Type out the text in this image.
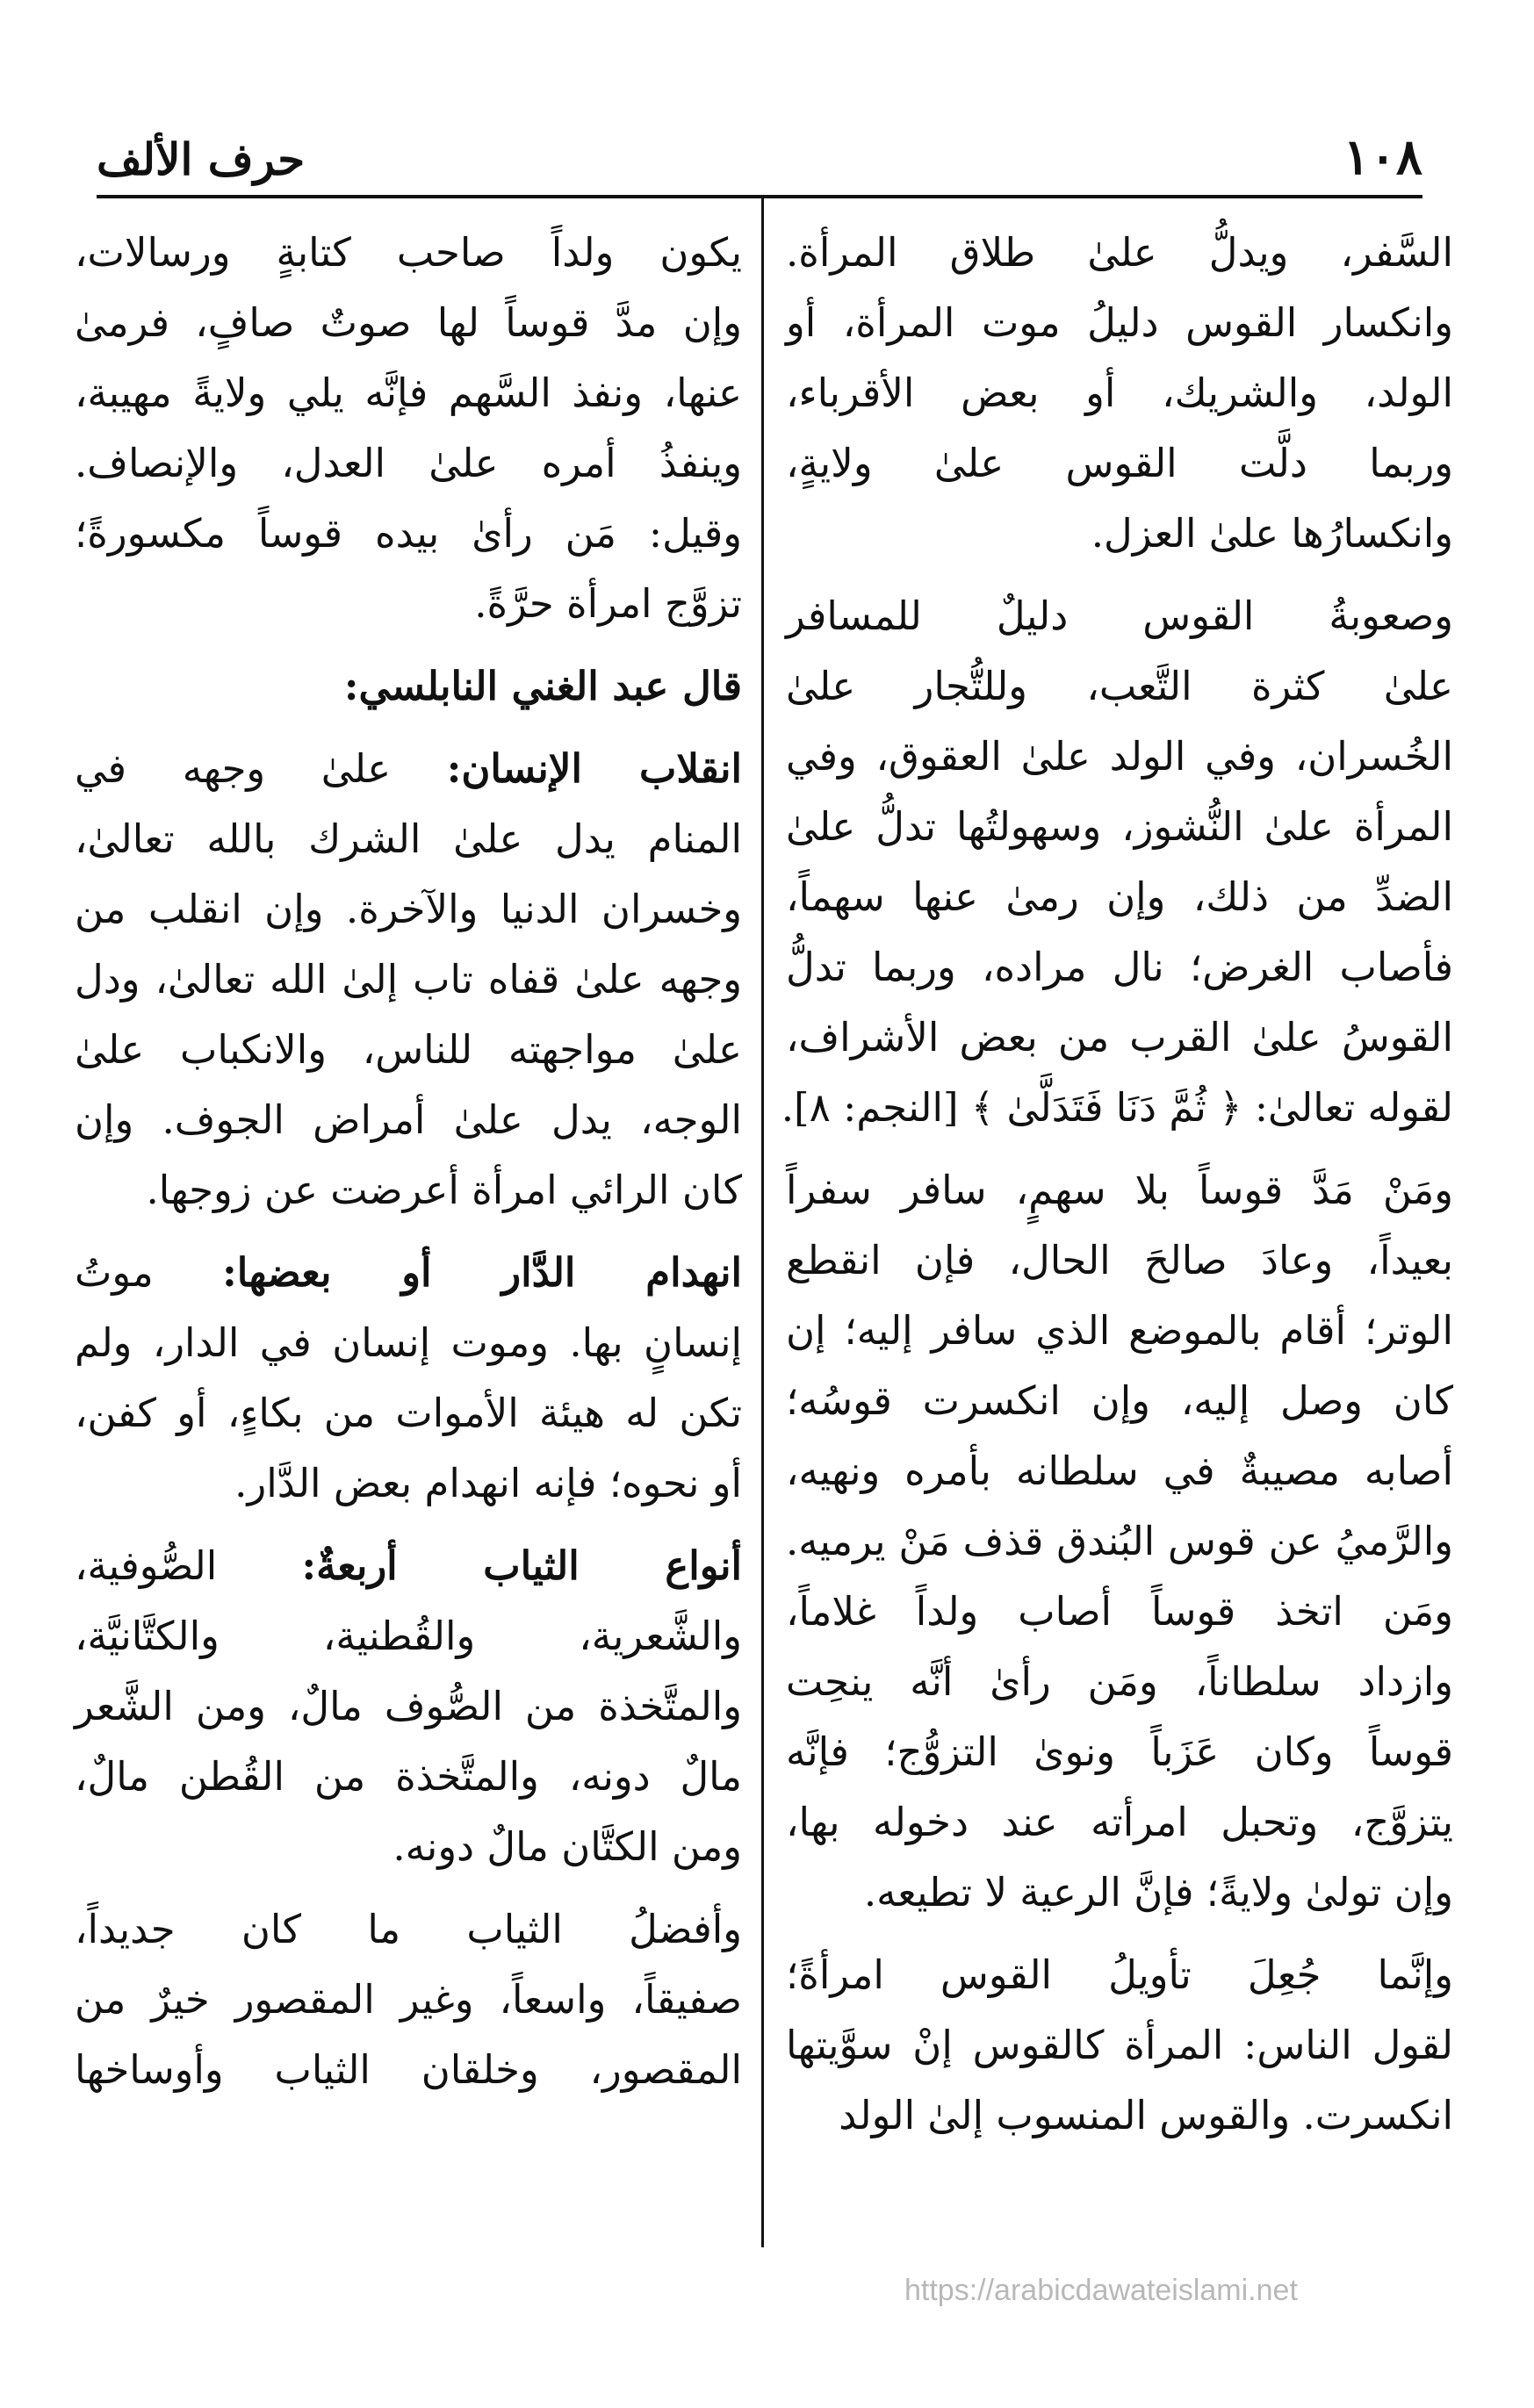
١٠٨
حرف الألف
السَّفر، ويدلُّ علىٰ طلاق المرأة.
وانكسار القوس دليلُ موت المرأة، أو
الولد، والشريك، أو بعض الأقرباء،
وربما دلَّت القوس علىٰ ولايةٍ،
وانكسارُها علىٰ العزل.
وصعوبةُ القوس دليلٌ للمسافر
علىٰ كثرة التَّعب، وللتُّجار علىٰ
الخُسران، وفي الولد علىٰ العقوق، وفي
المرأة علىٰ النُّشوز، وسهولتُها تدلُّ علىٰ
الضدِّ من ذلك، وإن رمىٰ عنها سهماً،
فأصاب الغرض؛ نال مراده، وربما تدلُّ
القوسُ علىٰ القرب من بعض الأشراف،
لقوله تعالىٰ: ﴿ ثُمَّ دَنَا فَتَدَلَّىٰ ﴾ [النجم: ٨].
ومَنْ مَدَّ قوساً بلا سهمٍ، سافر سفراً
بعيداً، وعادَ صالحَ الحال، فإن انقطع
الوتر؛ أقام بالموضع الذي سافر إليه؛ إن
كان وصل إليه، وإن انكسرت قوسُه؛
أصابه مصيبةٌ في سلطانه بأمره ونهيه،
والرَّميُ عن قوس البُندق قذف مَنْ يرميه.
ومَن اتخذ قوساً أصاب ولداً غلاماً،
وازداد سلطاناً، ومَن رأىٰ أنَّه ينحِت
قوساً وكان عَزَباً ونوىٰ التزوُّج؛ فإنَّه
يتزوَّج، وتحبل امرأته عند دخوله بها،
وإن تولىٰ ولايةً؛ فإنَّ الرعية لا تطيعه.
وإنَّما جُعِلَ تأويلُ القوس امرأةً؛
لقول الناس: المرأة كالقوس إنْ سوَّيتها
انكسرت. والقوس المنسوب إلىٰ الولد
يكون ولداً صاحب كتابةٍ ورسالات،
وإن مدَّ قوساً لها صوتٌ صافٍ، فرمىٰ
عنها، ونفذ السَّهم فإنَّه يلي ولايةً مهيبة،
وينفذُ أمره علىٰ العدل، والإنصاف.
وقيل: مَن رأىٰ بيده قوساً مكسورةً؛
تزوَّج امرأة حرَّةً.
قال عبد الغني النابلسي:
انقلاب الإنسان: علىٰ وجهه في
المنام يدل علىٰ الشرك بالله تعالىٰ،
وخسران الدنيا والآخرة. وإن انقلب من
وجهه علىٰ قفاه تاب إلىٰ الله تعالىٰ، ودل
علىٰ مواجهته للناس، والانكباب علىٰ
الوجه، يدل علىٰ أمراض الجوف. وإن
كان الرائي امرأة أعرضت عن زوجها.
انهدام الدَّار أو بعضها: موتُ
إنسانٍ بها. وموت إنسان في الدار، ولم
تكن له هيئة الأموات من بكاءٍ، أو كفن،
أو نحوه؛ فإنه انهدام بعض الدَّار.
أنواع الثياب أربعةٌ: الصُّوفية،
والشَّعرية، والقُطنية، والكتَّانيَّة،
والمتَّخذة من الصُّوف مالٌ، ومن الشَّعر
مالٌ دونه، والمتَّخذة من القُطن مالٌ،
ومن الكتَّان مالٌ دونه.
وأفضلُ الثياب ما كان جديداً،
صفيقاً، واسعاً، وغير المقصور خيرٌ من
المقصور، وخلقان الثياب وأوساخها
https://arabicdawateislami.net
